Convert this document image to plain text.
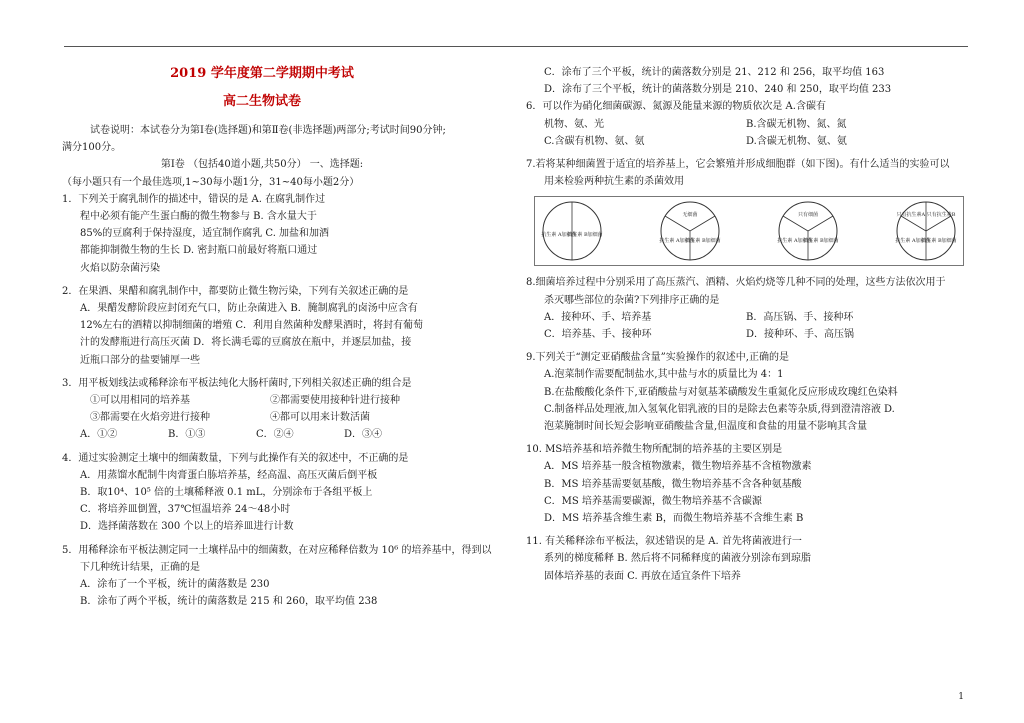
2019 学年度第二学期期中考试

高二生物试卷

试卷说明：本试卷分为第Ⅰ卷(选择题)和第Ⅱ卷(非选择题)两部分;考试时间90分钟;

满分100分。

第Ⅰ卷 （包括40道小题,共50分） 一、选择题:

（每小题只有一个最佳选项,1~30每小题1分，31~40每小题2分）

1．下列关于腐乳制作的描述中，错误的是 A. 在腐乳制作过

程中必须有能产生蛋白酶的微生物参与 B. 含水量大于

85%的豆腐利于保持湿度，适宜制作腐乳 C. 加盐和加酒

都能抑制微生物的生长 D. 密封瓶口前最好将瓶口通过

火焰以防杂菌污染

2．在果酒、果醋和腐乳制作中，都要防止微生物污染，下列有关叙述正确的是

A．果醋发酵阶段应封闭充气口，防止杂菌进入 B．腌制腐乳的卤汤中应含有

12%左右的酒精以抑制细菌的增殖 C．利用自然菌种发酵果酒时，将封有葡萄

汁的发酵瓶进行高压灭菌 D．将长满毛霉的豆腐放在瓶中，并逐层加盐，接

近瓶口部分的盐要铺厚一些

3．用平板划线法或稀释涂布平板法纯化大肠杆菌时,下列相关叙述正确的组合是

①可以用相同的培养基	②都需要使用接种针进行接种

③都需要在火焰旁进行接种	④都可以用来计数活菌

A．①②	B．①③	C．②④	D．③④

4．通过实验测定土壤中的细菌数量，下列与此操作有关的叙述中，不正确的是

A．用蒸馏水配制牛肉膏蛋白胨培养基，经高温、高压灭菌后倒平板

B．取10⁴、10⁵ 倍的土壤稀释液 0.1 mL，分别涂布于各组平板上

C．将培养皿倒置，37℃恒温培养 24～48小时

D．选择菌落数在 300 个以上的培养皿进行计数

5．用稀释涂布平板法测定同一土壤样品中的细菌数，在对应稀释倍数为 10⁶ 的培养基中，得到以

下几种统计结果，正确的是

A．涂布了一个平板，统计的菌落数是 230

B．涂布了两个平板，统计的菌落数是 215 和 260，取平均值 238

C．涂布了三个平板，统计的菌落数分别是 21、212 和 256，取平均值 163

D．涂布了三个平板，统计的菌落数分别是 210、240 和 250，取平均值 233

6．可以作为硝化细菌碳源、氮源及能量来源的物质依次是 A.含碳有

机物、氨、光	B.含碳无机物、氮、氮

C.含碳有机物、氨、氨	D.含碳无机物、氨、氨

7.若将某种细菌置于适宜的培养基上，它会繁殖并形成细胞群（如下图)。有什么适当的实验可以

用来检验两种抗生素的杀菌效用

抗生素 A加细菌
抗生素 B加细菌
抗生素 A加细菌
抗生素 B加细菌
无细菌
抗生素 A加细菌
抗生素 B加细菌
只有细菌
抗生素 A加细菌
抗生素 B加细菌
只有抗生素A 只有抗生素B

8.细菌培养过程中分别采用了高压蒸汽、酒精、火焰灼烧等几种不同的处理，这些方法依次用于

杀灭哪些部位的杂菌?下列排序正确的是

A．接种环、手、培养基	B．高压锅、手、接种环

C．培养基、手、接种环	D．接种环、手、高压锅

9.下列关于“测定亚硝酸盐含量”实验操作的叙述中,正确的是

A.泡菜制作需要配制盐水,其中盐与水的质量比为 4：1

B.在盐酸酸化条件下,亚硝酸盐与对氨基苯磺酸发生重氮化反应形成玫瑰红色染料

C.制备样品处理液,加入氢氧化铝乳液的目的是除去色素等杂质,得到澄清溶液 D.

泡菜腌制时间长短会影响亚硝酸盐含量,但温度和食盐的用量不影响其含量

10. MS培养基和培养微生物所配制的培养基的主要区别是

A．MS 培养基一般含植物激素，微生物培养基不含植物激素

B．MS 培养基需要氨基酸，微生物培养基不含各种氨基酸

C．MS 培养基需要碳源，微生物培养基不含碳源

D．MS 培养基含维生素 B，而微生物培养基不含维生素 B

11. 有关稀释涂布平板法，叙述错误的是 A. 首先将菌液进行一

系列的梯度稀释 B. 然后将不同稀释度的菌液分别涂布到琼脂

固体培养基的表面 C. 再放在适宜条件下培养

1
